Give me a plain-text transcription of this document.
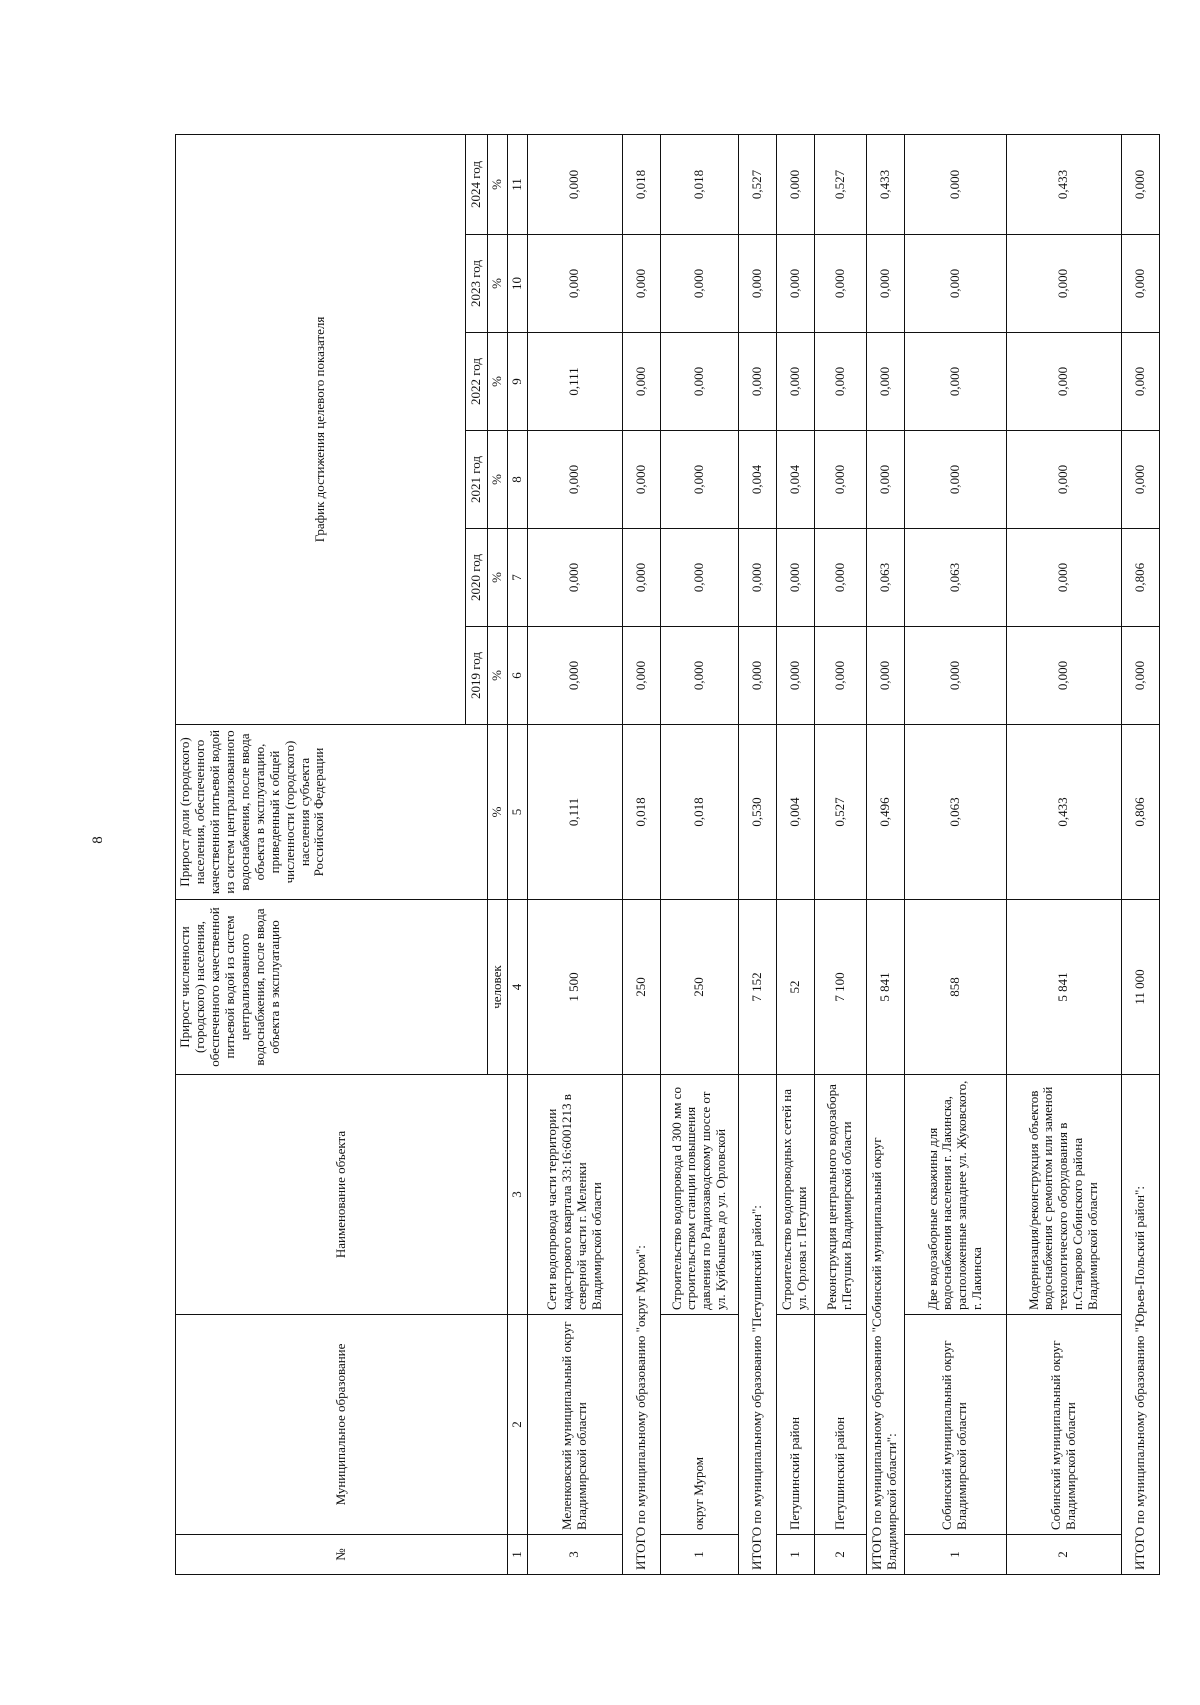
8
№	Муниципальное образование	Наименование объекта	Прирост численности (городского) населения, обеспеченного качественной питьевой водой из систем централизованного водоснабжения, после ввода объекта в эксплуатацию	Прирост доли (городского) населения, обеспеченного качественной питьевой водой из систем централизованного водоснабжения, после ввода объекта в эксплуатацию, приведенный к общей численности (городского) населения субъекта Российской Федерации	График достижения целевого показателя					
					2019 год	2020 год	2021 год	2022 год	2023 год	2024 год
			человек	%	%	%	%	%	%	%
1	2	3	4	5	6	7	8	9	10	11
3	Меленковский муниципальный округ Владимирской области	Сети водопровода части территории кадастрового квартала 33:16:6001213 в северной части г. Меленки Владимирской области	1 500	0,111	0,000	0,000	0,000	0,111	0,000	0,000
ИТОГО по муниципальному образованию "округ Муром":			250	0,018	0,000	0,000	0,000	0,000	0,000	0,018
1	округ Муром	Строительство водопровода d 300 мм со строительством станции повышения давления по Радиозаводскому шоссе от ул. Куйбышева до ул. Орловской	250	0,018	0,000	0,000	0,000	0,000	0,000	0,018
ИТОГО по муниципальному образованию "Петушинский район":			7 152	0,530	0,000	0,000	0,004	0,000	0,000	0,527
1	Петушинский район	Строительство водопроводных сетей на ул. Орлова г. Петушки	52	0,004	0,000	0,000	0,004	0,000	0,000	0,000
2	Петушинский район	Реконструкция центрального водозабора г.Петушки Владимирской области	7 100	0,527	0,000	0,000	0,000	0,000	0,000	0,527
ИТОГО по муниципальному образованию "Собинский муниципальный округ Владимирской области":			5 841	0,496	0,000	0,063	0,000	0,000	0,000	0,433
1	Собинский муниципальный округ Владимирской области	Две водозаборные скважины для водоснабжения населения г. Лакинска, расположенные западнее ул. Жуковского, г. Лакинска	858	0,063	0,000	0,063	0,000	0,000	0,000	0,000
2	Собинский муниципальный округ Владимирской области	Модернизация/реконструкция объектов водоснабжения с ремонтом или заменой технологического оборудования в п.Ставрово Собинского района Владимирской области	5 841	0,433	0,000	0,000	0,000	0,000	0,000	0,433
ИТОГО по муниципальному образованию "Юрьев-Польский район":			11 000	0,806	0,000	0,806	0,000	0,000	0,000	0,000
